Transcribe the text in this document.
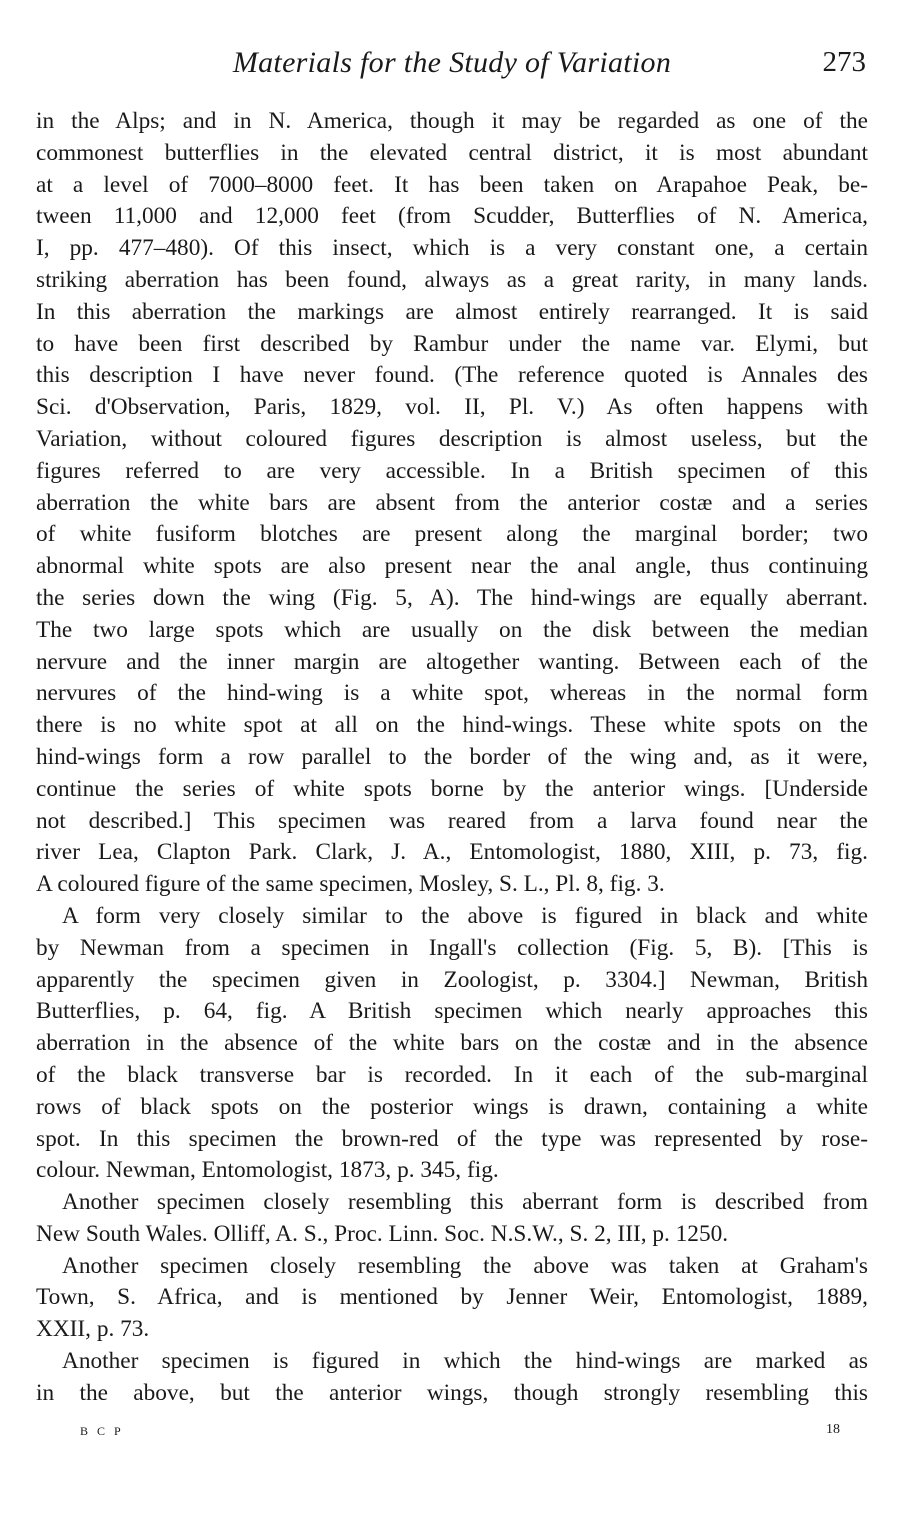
Materials for the Study of Variation	273
in the Alps; and in N. America, though it may be regarded as one of the
commonest butterflies in the elevated central district, it is most abundant
at a level of 7000–8000 feet. It has been taken on Arapahoe Peak, be-
tween 11,000 and 12,000 feet (from Scudder, Butterflies of N. America,
I, pp. 477–480). Of this insect, which is a very constant one, a certain
striking aberration has been found, always as a great rarity, in many lands.
In this aberration the markings are almost entirely rearranged. It is said
to have been first described by Rambur under the name var. Elymi, but
this description I have never found. (The reference quoted is Annales des
Sci. d'Observation, Paris, 1829, vol. II, Pl. V.) As often happens with
Variation, without coloured figures description is almost useless, but the
figures referred to are very accessible. In a British specimen of this
aberration the white bars are absent from the anterior costæ and a series
of white fusiform blotches are present along the marginal border; two
abnormal white spots are also present near the anal angle, thus continuing
the series down the wing (Fig. 5, A). The hind-wings are equally aberrant.
The two large spots which are usually on the disk between the median
nervure and the inner margin are altogether wanting. Between each of the
nervures of the hind-wing is a white spot, whereas in the normal form
there is no white spot at all on the hind-wings. These white spots on the
hind-wings form a row parallel to the border of the wing and, as it were,
continue the series of white spots borne by the anterior wings. [Underside
not described.] This specimen was reared from a larva found near the
river Lea, Clapton Park. Clark, J. A., Entomologist, 1880, XIII, p. 73, fig.
A coloured figure of the same specimen, Mosley, S. L., Pl. 8, fig. 3.
A form very closely similar to the above is figured in black and white
by Newman from a specimen in Ingall's collection (Fig. 5, B). [This is
apparently the specimen given in Zoologist, p. 3304.] Newman, British
Butterflies, p. 64, fig. A British specimen which nearly approaches this
aberration in the absence of the white bars on the costæ and in the absence
of the black transverse bar is recorded. In it each of the sub-marginal
rows of black spots on the posterior wings is drawn, containing a white
spot. In this specimen the brown-red of the type was represented by rose-
colour. Newman, Entomologist, 1873, p. 345, fig.
Another specimen closely resembling this aberrant form is described from
New South Wales. Olliff, A. S., Proc. Linn. Soc. N.S.W., S. 2, III, p. 1250.
Another specimen closely resembling the above was taken at Graham's
Town, S. Africa, and is mentioned by Jenner Weir, Entomologist, 1889,
XXII, p. 73.
Another specimen is figured in which the hind-wings are marked as
in the above, but the anterior wings, though strongly resembling this
B C P	18
